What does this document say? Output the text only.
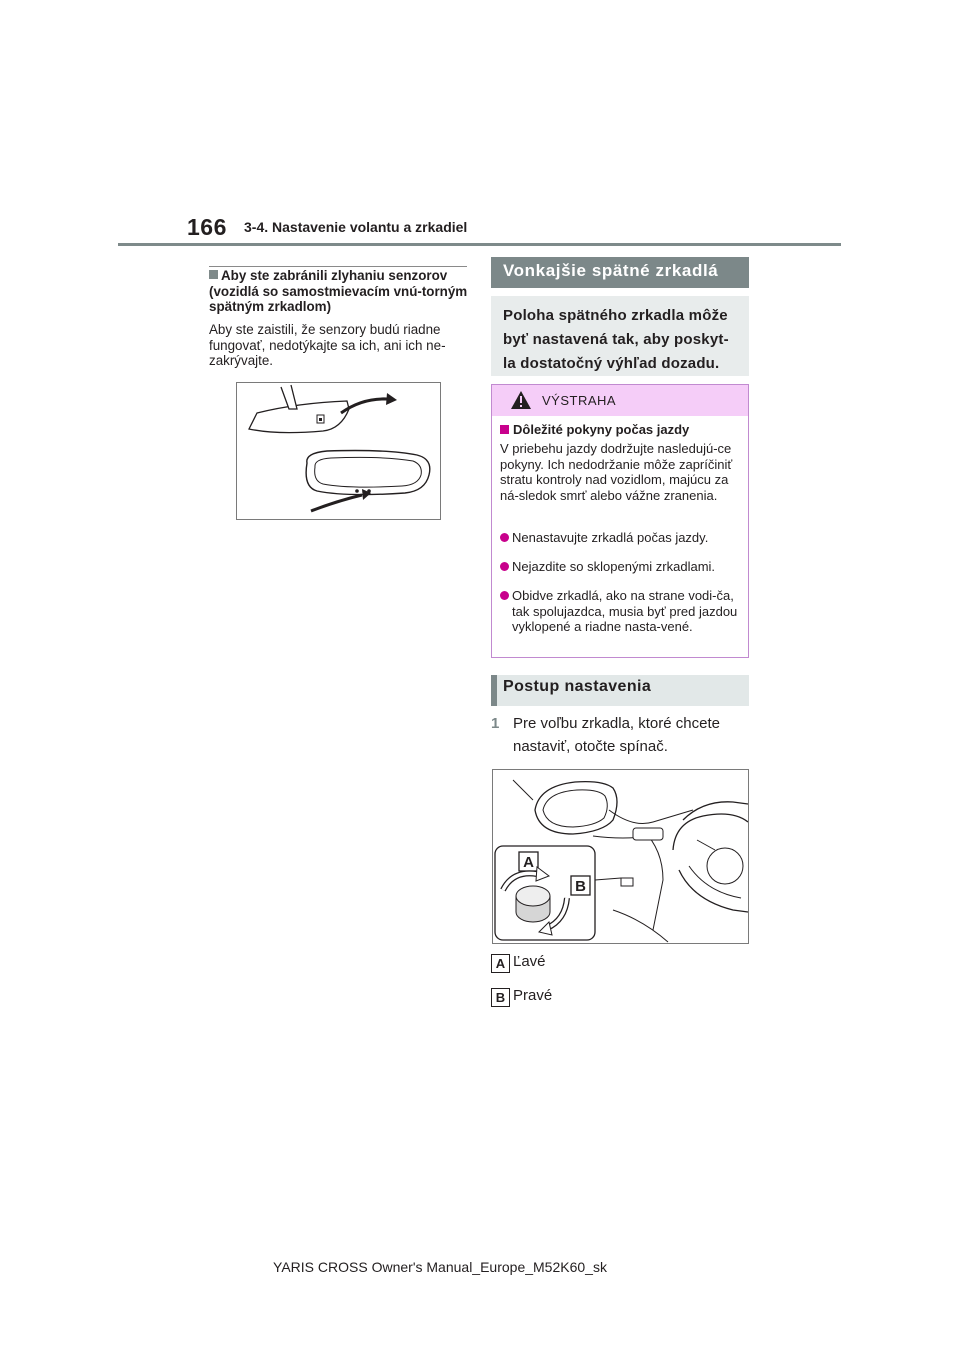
166 3-4. Nastavenie volantu a zrkadiel
Aby ste zabránili zlyhaniu senzorov (vozidlá so samostmievacím vnú-torným spätným zrkadlom)
Aby ste zaistili, že senzory budú riadne fungovať, nedotýkajte sa ich, ani ich ne-zakrývajte.
Vonkajšie spätné zrkadlá
Poloha spätného zrkadla môže byť nastavená tak, aby poskyt-la dostatočný výhľad dozadu.
VÝSTRAHA
Dôležité pokyny počas jazdy
V priebehu jazdy dodržujte nasledujú-ce pokyny. Ich nedodržanie môže zapríčiniť stratu kontroly nad vozidlom, majúcu za ná-sledok smrť alebo vážne zranenia.
Nenastavujte zrkadlá počas jazdy.
Nejazdite so sklopenými zrkadlami.
Obidve zrkadlá, ako na strane vodi-ča, tak spolujazdca, musia byť pred jazdou vyklopené a riadne nasta-vené.
Postup nastavenia
1 Pre voľbu zrkadla, ktoré chcete nastaviť, otočte spínač.
A
B
A Ľavé
B Pravé
YARIS CROSS Owner's Manual_Europe_M52K60_sk
